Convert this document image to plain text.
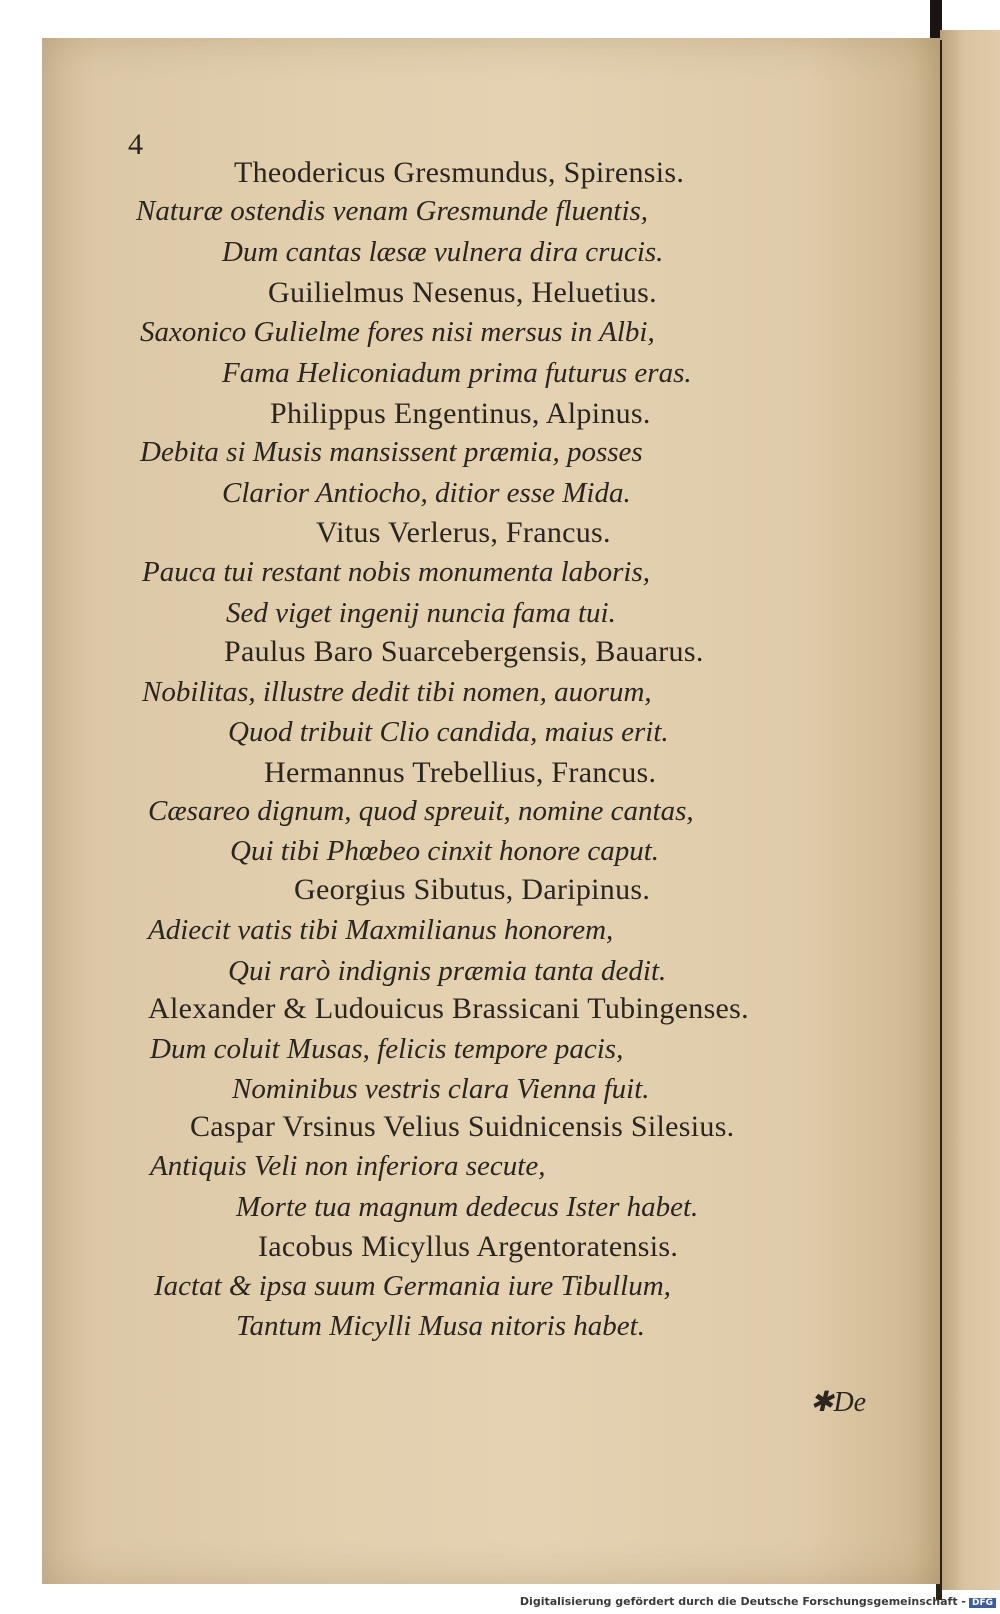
4
Theodericus Gresmundus, Spirensis.
Naturæ ostendis venam Gresmunde fluentis,
Dum cantas læsæ vulnera dira crucis.
Guilielmus Nesenus, Heluetius.
Saxonico Gulielme fores nisi mersus in Albi,
Fama Heliconiadum prima futurus eras.
Philippus Engentinus, Alpinus.
Debita si Musis mansissent præmia, posses
Clarior Antiocho, ditior esse Mida.
Vitus Verlerus, Francus.
Pauca tui restant nobis monumenta laboris,
Sed viget ingenij nuncia fama tui.
Paulus Baro Suarcebergensis, Bauarus.
Nobilitas, illustre dedit tibi nomen, auorum,
Quod tribuit Clio candida, maius erit.
Hermannus Trebellius, Francus.
Cæsareo dignum, quod spreuit, nomine cantas,
Qui tibi Phœbeo cinxit honore caput.
Georgius Sibutus, Daripinus.
Adiecit vatis tibi Maxmilianus honorem,
Qui rarò indignis præmia tanta dedit.
Alexander & Ludouicus Brassicani Tubingenses.
Dum coluit Musas, felicis tempore pacis,
Nominibus vestris clara Vienna fuit.
Caspar Vrsinus Velius Suidnicensis Silesius.
Antiquis Veli non inferiora secute,
Morte tua magnum dedecus Ister habet.
Iacobus Micyllus Argentoratensis.
Iactat & ipsa suum Germania iure Tibullum,
Tantum Micylli Musa nitoris habet.
✱De
Digitalisierung gefördert durch die Deutsche Forschungsgemeinschaft - DFG
